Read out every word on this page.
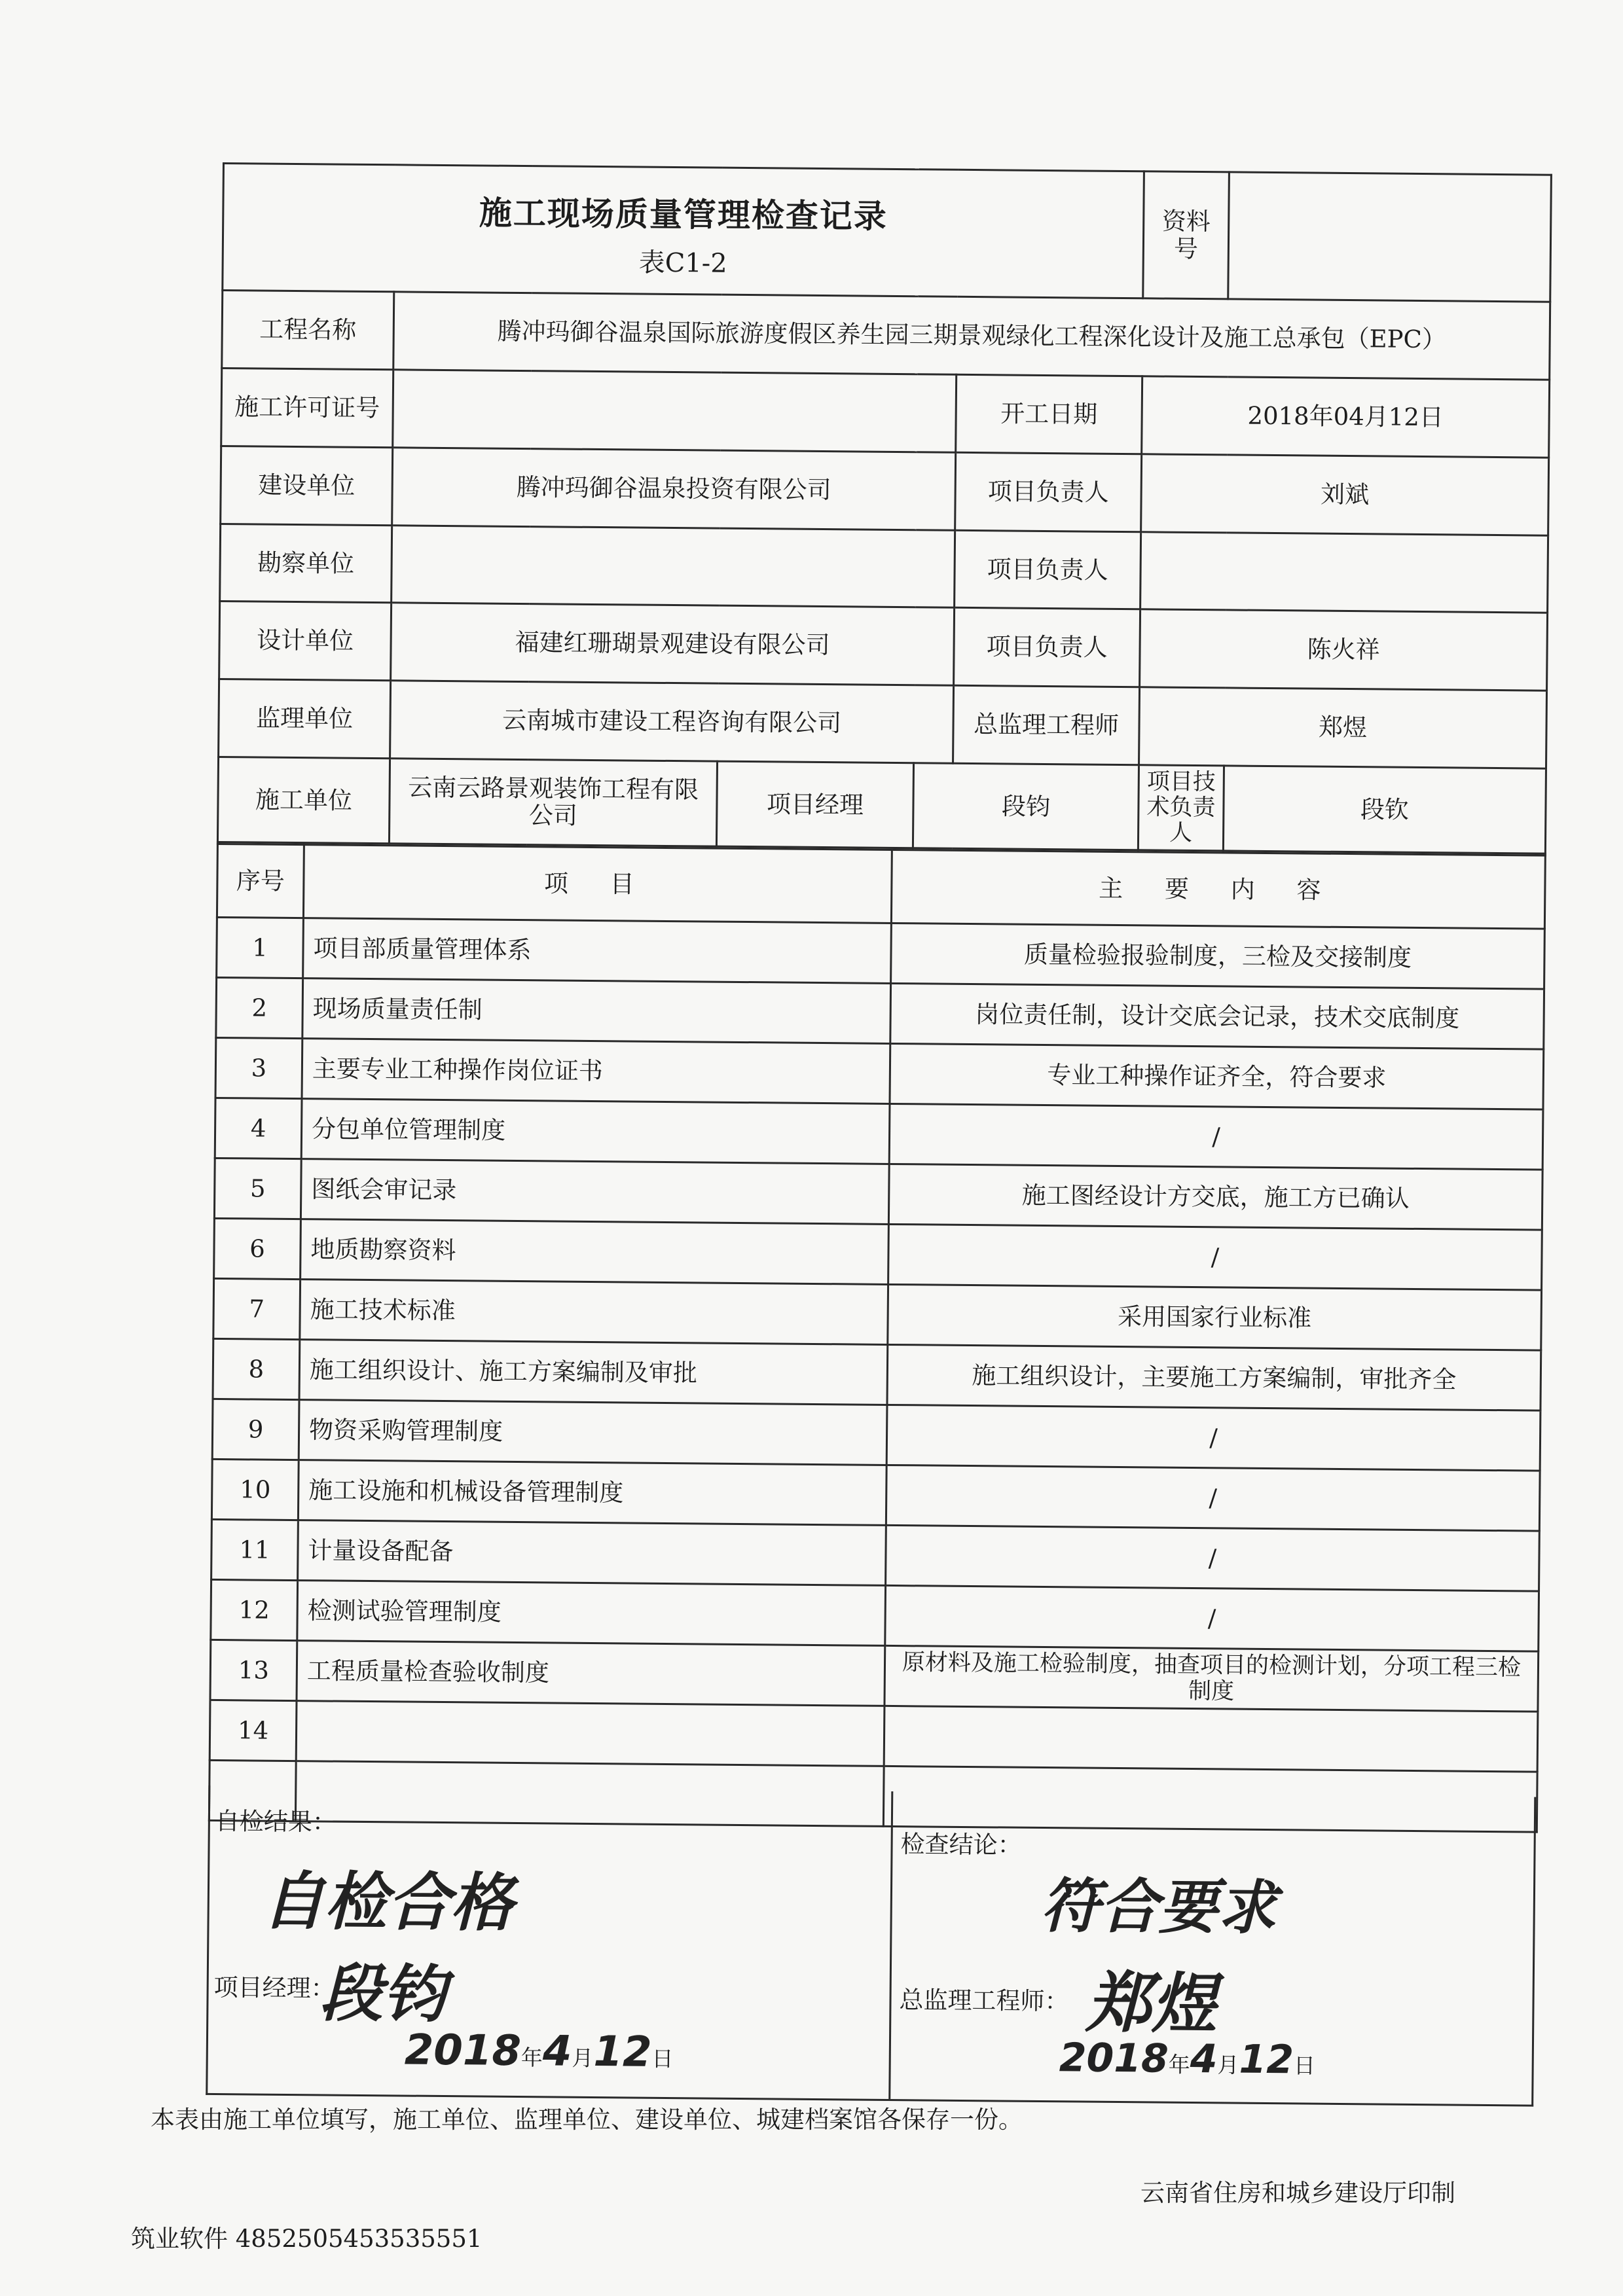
施工现场质量管理检查记录
表C1-2					资料号	
工程名称	腾冲玛御谷温泉国际旅游度假区养生园三期景观绿化工程深化设计及施工总承包（EPC）					
施工许可证号				开工日期	2018年04月12日	
建设单位	腾冲玛御谷温泉投资有限公司			项目负责人	刘斌	
勘察单位				项目负责人		
设计单位	福建红珊瑚景观建设有限公司			项目负责人	陈火祥	
监理单位	云南城市建设工程咨询有限公司			总监理工程师	郑煜	
施工单位	云南云路景观装饰工程有限公司	项目经理	段钧		项目技术负责人	段钦
序号	项 目	主 要 内 容
1	项目部质量管理体系	质量检验报验制度，三检及交接制度
2	现场质量责任制	岗位责任制，设计交底会记录，技术交底制度
3	主要专业工种操作岗位证书	专业工种操作证齐全，符合要求
4	分包单位管理制度	/
5	图纸会审记录	施工图经设计方交底，施工方已确认
6	地质勘察资料	/
7	施工技术标准	采用国家行业标准
8	施工组织设计、施工方案编制及审批	施工组织设计，主要施工方案编制，审批齐全
9	物资采购管理制度	/
10	施工设施和机械设备管理制度	/
11	计量设备配备	/
12	检测试验管理制度	/
13	工程质量检查验收制度	原材料及施工检验制度，抽查项目的检测计划，分项工程三检制度
14		

自检结果：
自检合格
项目经理：
段钧
2018年4月12日
检查结论：
符合要求
总监理工程师： 郑煜
2018年4月12日
本表由施工单位填写，施工单位、监理单位、建设单位、城建档案馆各保存一份。
云南省住房和城乡建设厅印制
筑业软件 4852505453535551
